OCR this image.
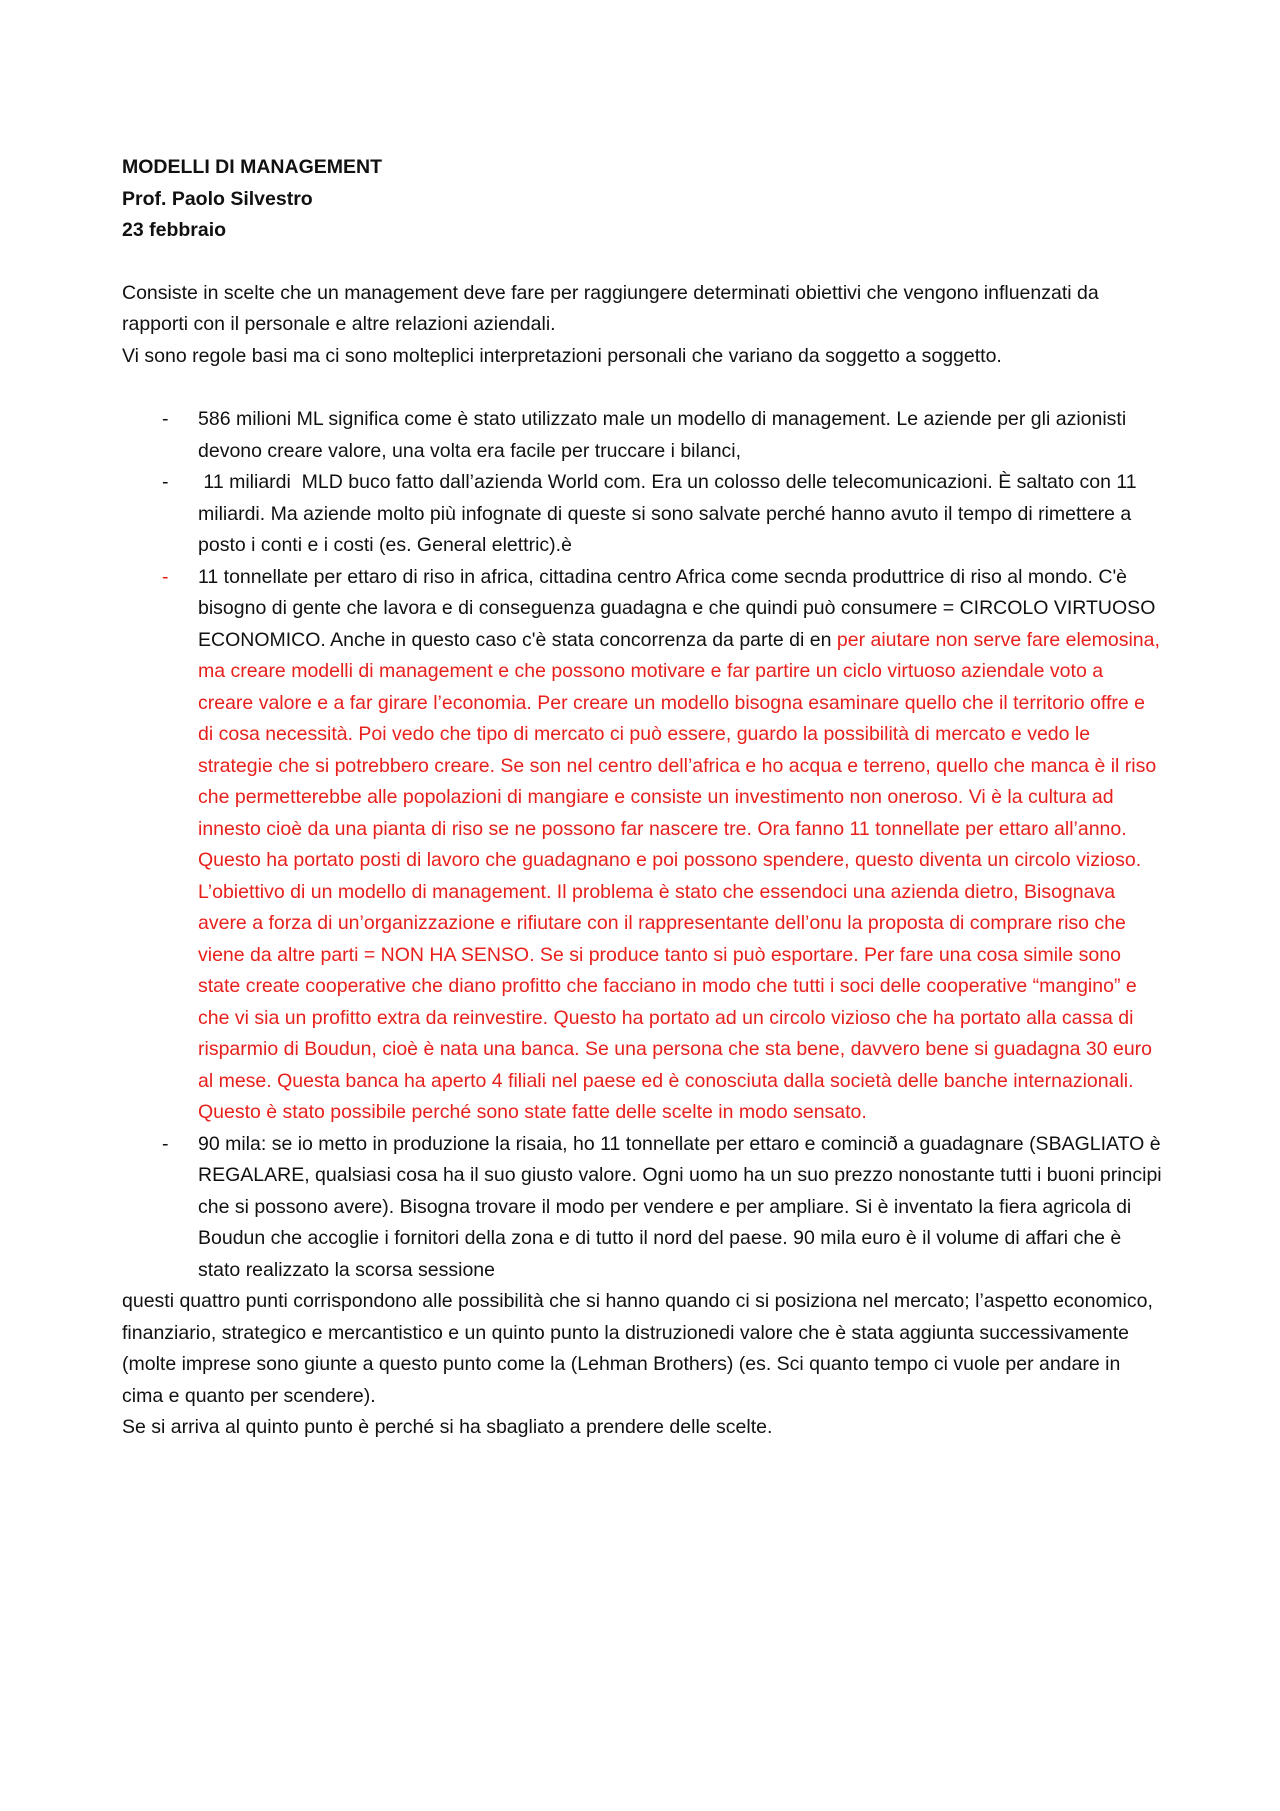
MODELLI DI MANAGEMENT

Prof. Paolo Silvestro

23 febbraio

Consiste in scelte che un management deve fare per raggiungere determinati obiettivi che vengono influenzati da rapporti con il personale e altre relazioni aziendali.

Vi sono regole basi ma ci sono molteplici interpretazioni personali che variano da soggetto a soggetto.

- 586 milioni ML significa come è stato utilizzato male un modello di management. Le aziende per gli azionisti devono creare valore, una volta era facile per truccare i bilanci,
- 11 miliardi  MLD buco fatto dall’azienda World com. Era un colosso delle telecomunicazioni. È saltato con 11 miliardi. Ma aziende molto più infognate di queste si sono salvate perché hanno avuto il tempo di rimettere a posto i conti e i costi (es. General elettric).è
- 11 tonnellate per ettaro di riso in africa, cittadina centro Africa come secnda produttrice di riso al mondo. C'è bisogno di gente che lavora e di conseguenza guadagna e che quindi può consumere = CIRCOLO VIRTUOSO ECONOMICO. Anche in questo caso c'è stata concorrenza da parte di en per aiutare non serve fare elemosina, ma creare modelli di management e che possono motivare e far partire un ciclo virtuoso aziendale voto a creare valore e a far girare l’economia. Per creare un modello bisogna esaminare quello che il territorio offre e di cosa necessità. Poi vedo che tipo di mercato ci può essere, guardo la possibilità di mercato e vedo le strategie che si potrebbero creare. Se son nel centro dell’africa e ho acqua e terreno, quello che manca è il riso che permetterebbe alle popolazioni di mangiare e consiste un investimento non oneroso. Vi è la cultura ad innesto cioè da una pianta di riso se ne possono far nascere tre. Ora fanno 11 tonnellate per ettaro all’anno. Questo ha portato posti di lavoro che guadagnano e poi possono spendere, questo diventa un circolo vizioso. L’obiettivo di un modello di management. Il problema è stato che essendoci una azienda dietro, Bisognava avere a forza di un’organizzazione e rifiutare con il rappresentante dell’onu la proposta di comprare riso che viene da altre parti = NON HA SENSO. Se si produce tanto si può esportare. Per fare una cosa simile sono state create cooperative che diano profitto che facciano in modo che tutti i soci delle cooperative “mangino” e che vi sia un profitto extra da reinvestire. Questo ha portato ad un circolo vizioso che ha portato alla cassa di risparmio di Boudun, cioè è nata una banca. Se una persona che sta bene, davvero bene si guadagna 30 euro al mese. Questa banca ha aperto 4 filiali nel paese ed è conosciuta dalla società delle banche internazionali. Questo è stato possibile perché sono state fatte delle scelte in modo sensato.
- 90 mila: se io metto in produzione la risaia, ho 11 tonnellate per ettaro e comincið a guadagnare (SBAGLIATO è REGALARE, qualsiasi cosa ha il suo giusto valore. Ogni uomo ha un suo prezzo nonostante tutti i buoni principi che si possono avere). Bisogna trovare il modo per vendere e per ampliare. Si è inventato la fiera agricola di Boudun che accoglie i fornitori della zona e di tutto il nord del paese. 90 mila euro è il volume di affari che è stato realizzato la scorsa sessione

questi quattro punti corrispondono alle possibilità che si hanno quando ci si posiziona nel mercato; l’aspetto economico, finanziario, strategico e mercantistico e un quinto punto la distruzionedi valore che è stata aggiunta successivamente (molte imprese sono giunte a questo punto come la (Lehman Brothers) (es. Sci quanto tempo ci vuole per andare in cima e quanto per scendere).

Se si arriva al quinto punto è perché si ha sbagliato a prendere delle scelte.
